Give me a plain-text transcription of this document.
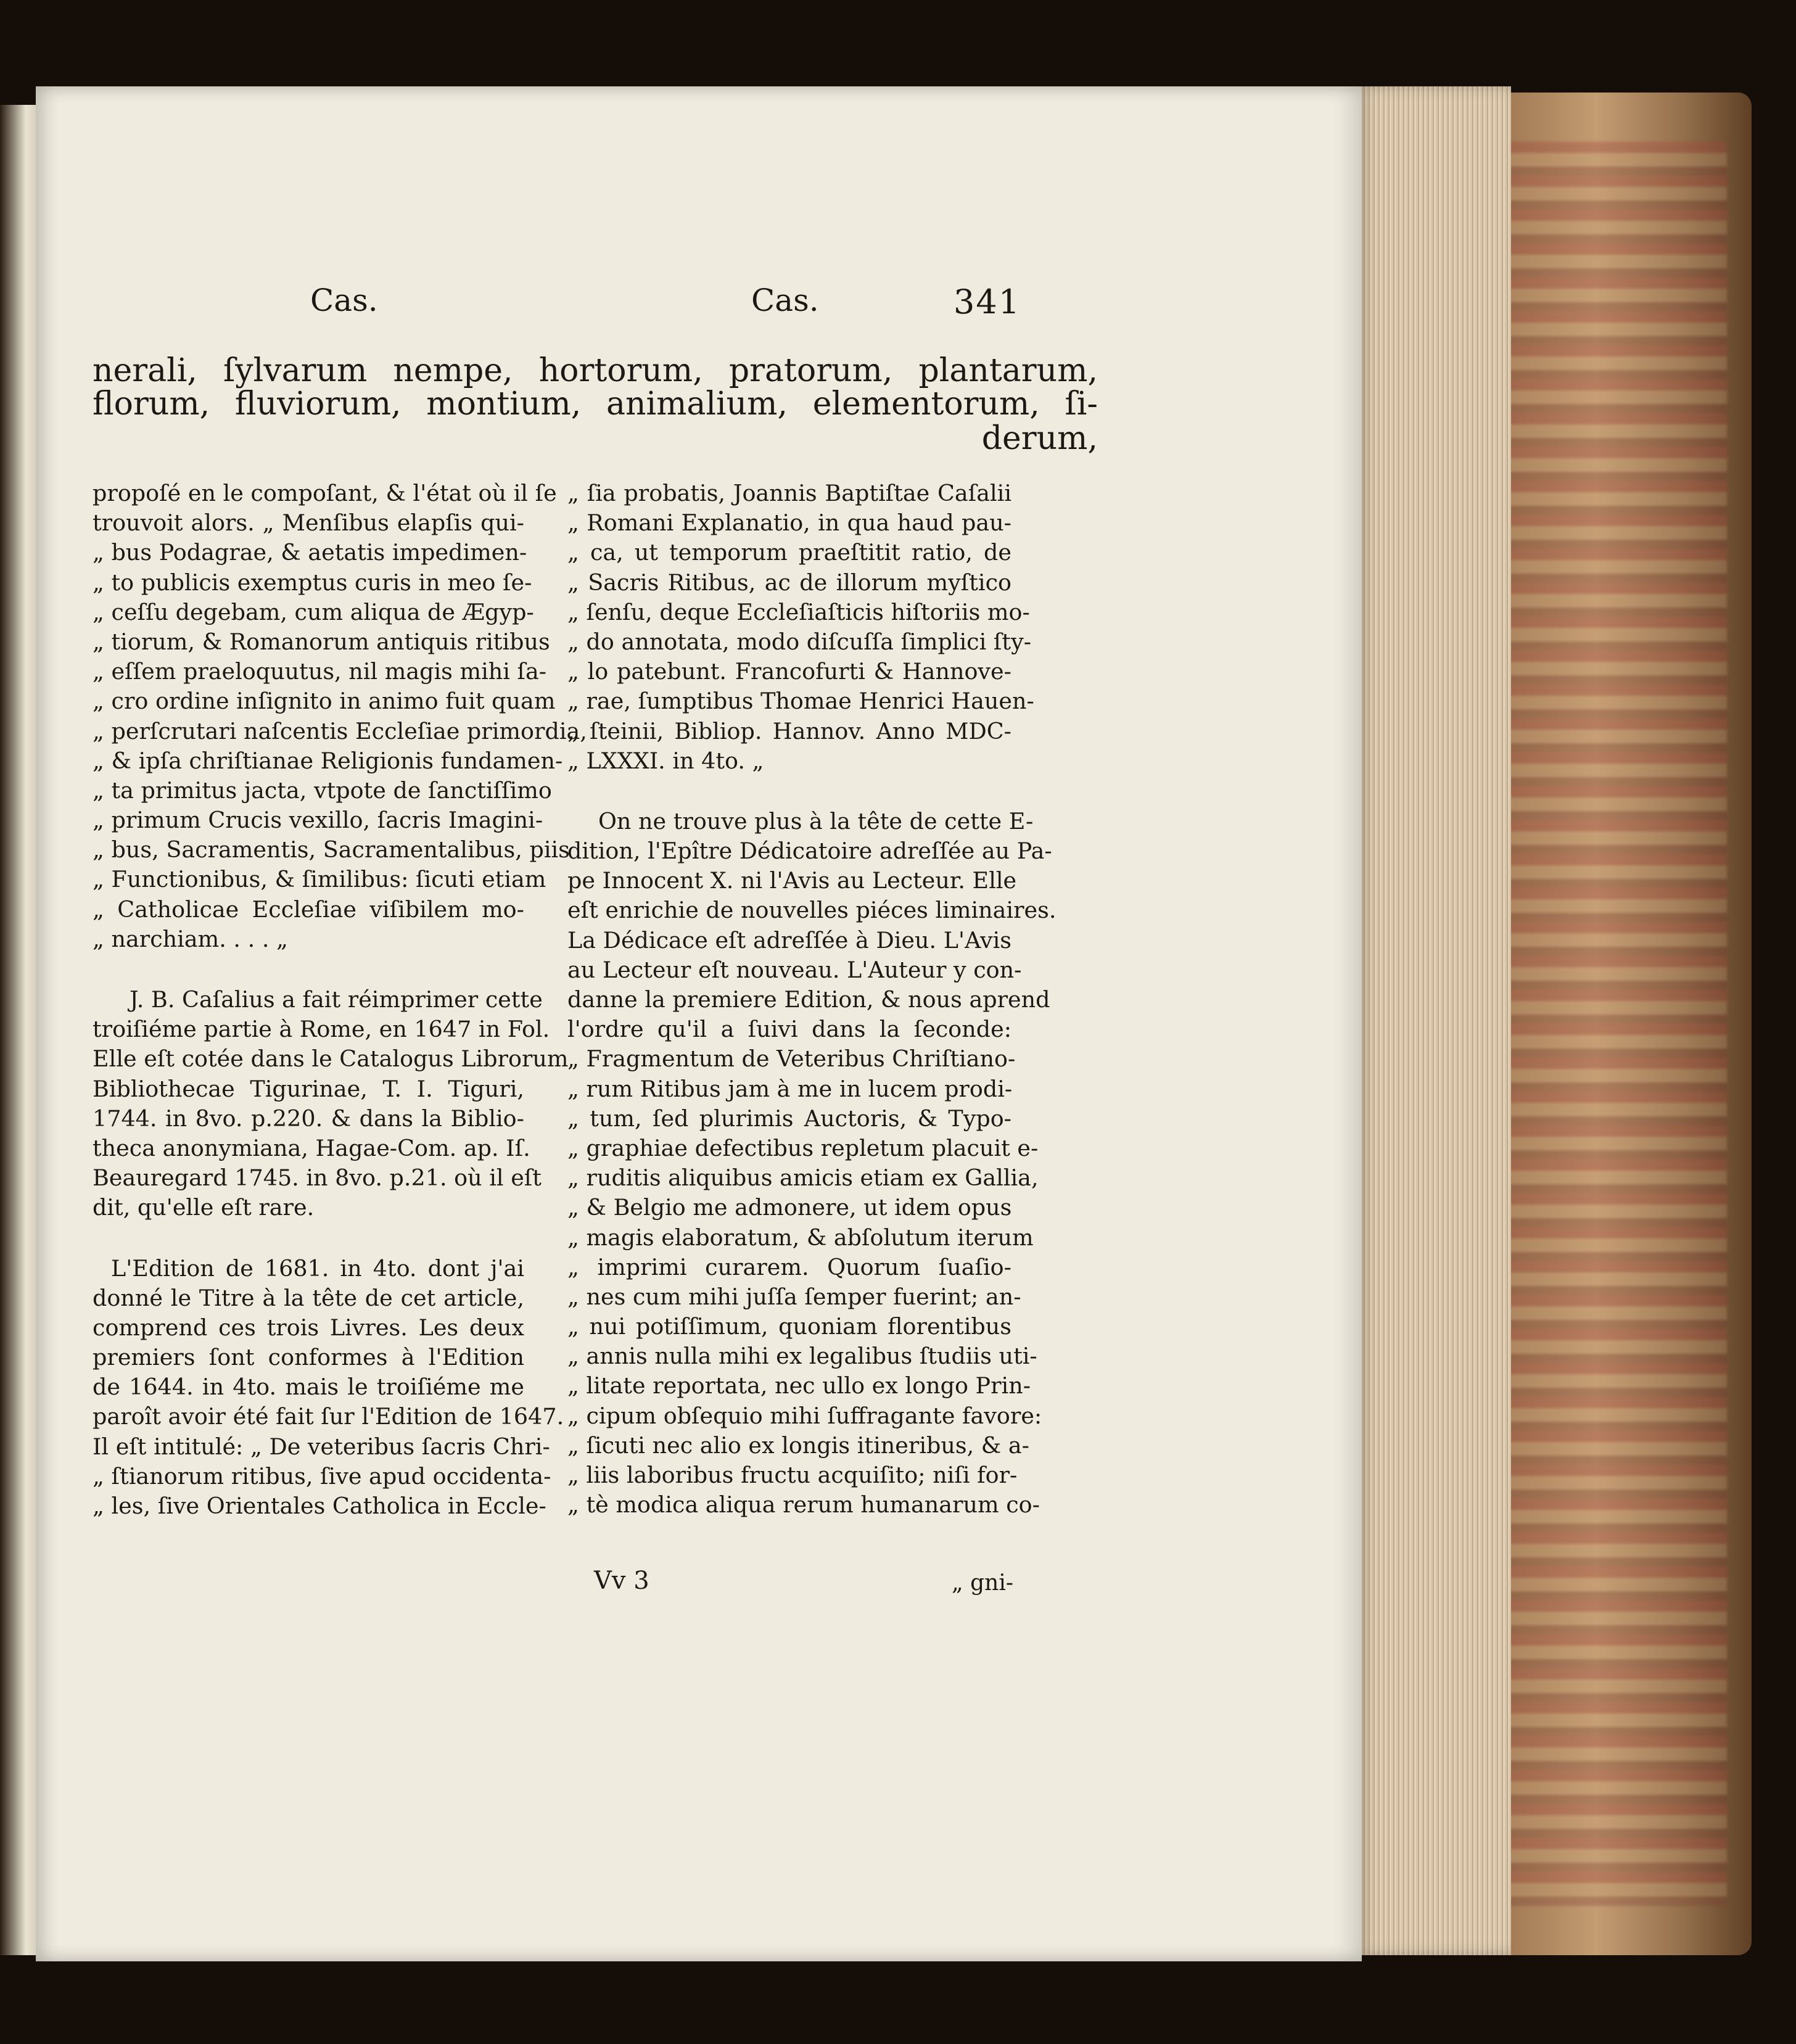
Cas.	Cas.	341
nerali, ſylvarum nempe, hortorum, pratorum, plantarum,
florum, fluviorum, montium, animalium, elementorum, ſi-
derum,
propoſé en le compoſant, & l'état où il ſe
trouvoit alors. „ Menſibus elapſis qui-
„ bus Podagrae, & aetatis impedimen-
„ to publicis exemptus curis in meo ſe-
„ ceſſu degebam, cum aliqua de Ægyp-
„ tiorum, & Romanorum antiquis ritibus
„ eſſem praeloquutus, nil magis mihi ſa-
„ cro ordine inſignito in animo fuit quam
„ perſcrutari naſcentis Eccleſiae primordia,
„ & ipſa chriſtianae Religionis fundamen-
„ ta primitus jacta, vtpote de ſanctiſſimo
„ primum Crucis vexillo, ſacris Imagini-
„ bus, Sacramentis, Sacramentalibus, piis
„ Functionibus, & ſimilibus: ſicuti etiam
„ Catholicae Eccleſiae viſibilem mo-
„ narchiam. . . . „
J. B. Caſalius a fait réimprimer cette
troiſiéme partie à Rome, en 1647 in Fol.
Elle eſt cotée dans le Catalogus Librorum
Bibliothecae Tigurinae, T. I. Tiguri,
1744. in 8vo. p.220. & dans la Biblio-
theca anonymiana, Hagae-Com. ap. Iſ.
Beauregard 1745. in 8vo. p.21. où il eſt
dit, qu'elle eſt rare.
L'Edition de 1681. in 4to. dont j'ai
donné le Titre à la tête de cet article,
comprend ces trois Livres. Les deux
premiers ſont conformes à l'Edition
de 1644. in 4to. mais le troiſiéme me
paroît avoir été fait ſur l'Edition de 1647.
Il eſt intitulé: „ De veteribus ſacris Chri-
„ ſtianorum ritibus, ſive apud occidenta-
„ les, ſive Orientales Catholica in Eccle-
„ ſia probatis, Joannis Baptiſtae Caſalii
„ Romani Explanatio, in qua haud pau-
„ ca, ut temporum praeſtitit ratio, de
„ Sacris Ritibus, ac de illorum myſtico
„ ſenſu, deque Eccleſiaſticis hiſtoriis mo-
„ do annotata, modo diſcuſſa ſimplici ſty-
„ lo patebunt. Francofurti & Hannove-
„ rae, ſumptibus Thomae Henrici Hauen-
„ ſteinii, Bibliop. Hannov. Anno MDC-
„ LXXXI. in 4to. „
On ne trouve plus à la tête de cette E-
dition, l'Epître Dédicatoire adreſſée au Pa-
pe Innocent X. ni l'Avis au Lecteur. Elle
eſt enrichie de nouvelles piéces liminaires.
La Dédicace eſt adreſſée à Dieu. L'Avis
au Lecteur eſt nouveau. L'Auteur y con-
danne la premiere Edition, & nous aprend
l'ordre qu'il a ſuivi dans la ſeconde:
„ Fragmentum de Veteribus Chriſtiano-
„ rum Ritibus jam à me in lucem prodi-
„ tum, ſed plurimis Auctoris, & Typo-
„ graphiae defectibus repletum placuit e-
„ ruditis aliquibus amicis etiam ex Gallia,
„ & Belgio me admonere, ut idem opus
„ magis elaboratum, & abſolutum iterum
„ imprimi curarem. Quorum ſuaſio-
„ nes cum mihi juſſa ſemper fuerint; an-
„ nui potiſſimum, quoniam florentibus
„ annis nulla mihi ex legalibus ſtudiis uti-
„ litate reportata, nec ullo ex longo Prin-
„ cipum obſequio mihi ſuffragante favore:
„ ſicuti nec alio ex longis itineribus, & a-
„ liis laboribus fructu acquiſito; niſi for-
„ tè modica aliqua rerum humanarum co-
Vv 3	„ gni-
